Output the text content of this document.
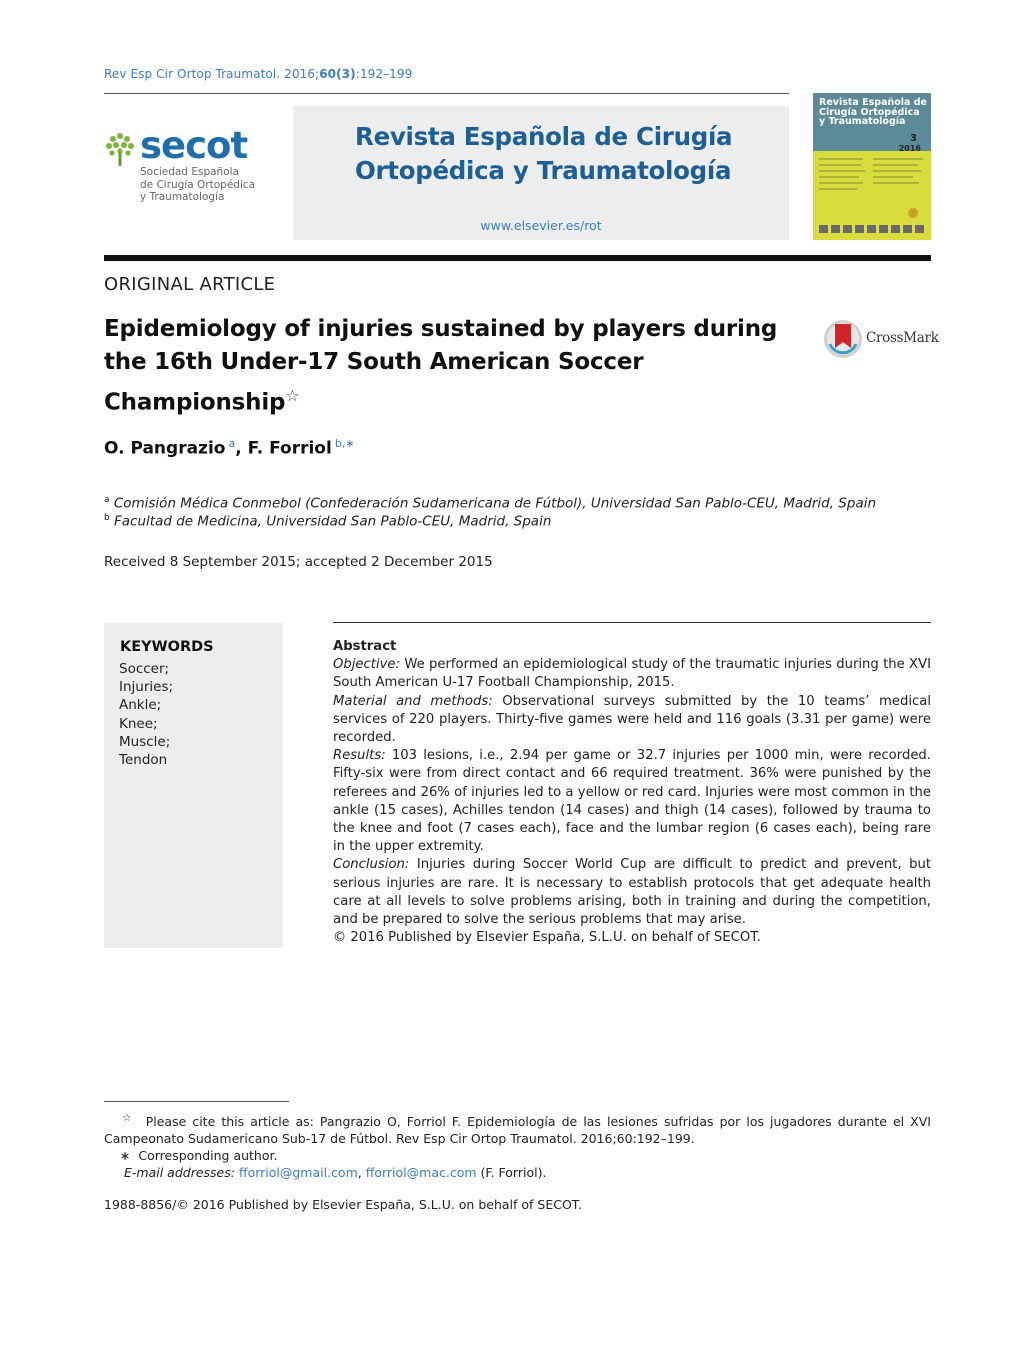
Rev Esp Cir Ortop Traumatol. 2016;60(3):192–199
secot
Sociedad Española
de Cirugía Ortopédica
y Traumatología
Revista Española de Cirugía
Ortopédica y Traumatología
www.elsevier.es/rot
Revista Española de Cirugía Ortopédica y Traumatología
3
2016
ORIGINAL ARTICLE
Epidemiology of injuries sustained by players during
the 16th Under-17 South American Soccer
Championship☆
CrossMark
O. Pangrazio $^a$, F. Forriol $^{b,∗}$
$^a$ Comisión Médica Conmebol (Confederación Sudamericana de Fútbol), Universidad San Pablo-CEU, Madrid, Spain
$^b$ Facultad de Medicina, Universidad San Pablo-CEU, Madrid, Spain
Received 8 September 2015; accepted 2 December 2015
KEYWORDS
Soccer;
Injuries;
Ankle;
Knee;
Muscle;
Tendon
Abstract

Objective: We performed an epidemiological study of the traumatic injuries during the XVI South American U-17 Football Championship, 2015.

Material and methods: Observational surveys submitted by the 10 teams’ medical services of 220 players. Thirty-five games were held and 116 goals (3.31 per game) were recorded.

Results: 103 lesions, i.e., 2.94 per game or 32.7 injuries per 1000 min, were recorded. Fifty-six were from direct contact and 66 required treatment. 36% were punished by the referees and 26% of injuries led to a yellow or red card. Injuries were most common in the ankle (15 cases), Achilles tendon (14 cases) and thigh (14 cases), followed by trauma to the knee and foot (7 cases each), face and the lumbar region (6 cases each), being rare in the upper extremity.

Conclusion: Injuries during Soccer World Cup are difficult to predict and prevent, but serious injuries are rare. It is necessary to establish protocols that get adequate health care at all levels to solve problems arising, both in training and during the competition, and be prepared to solve the serious problems that may arise.

© 2016 Published by Elsevier España, S.L.U. on behalf of SECOT.

☆ Please cite this article as: Pangrazio O, Forriol F. Epidemiología de las lesiones sufridas por los jugadores durante el XVI Campeonato Sudamericano Sub-17 de Fútbol. Rev Esp Cir Ortop Traumatol. 2016;60:192–199.

∗ Corresponding author.

E-mail addresses: fforriol@gmail.com, fforriol@mac.com (F. Forriol).

1988-8856/© 2016 Published by Elsevier España, S.L.U. on behalf of SECOT.
